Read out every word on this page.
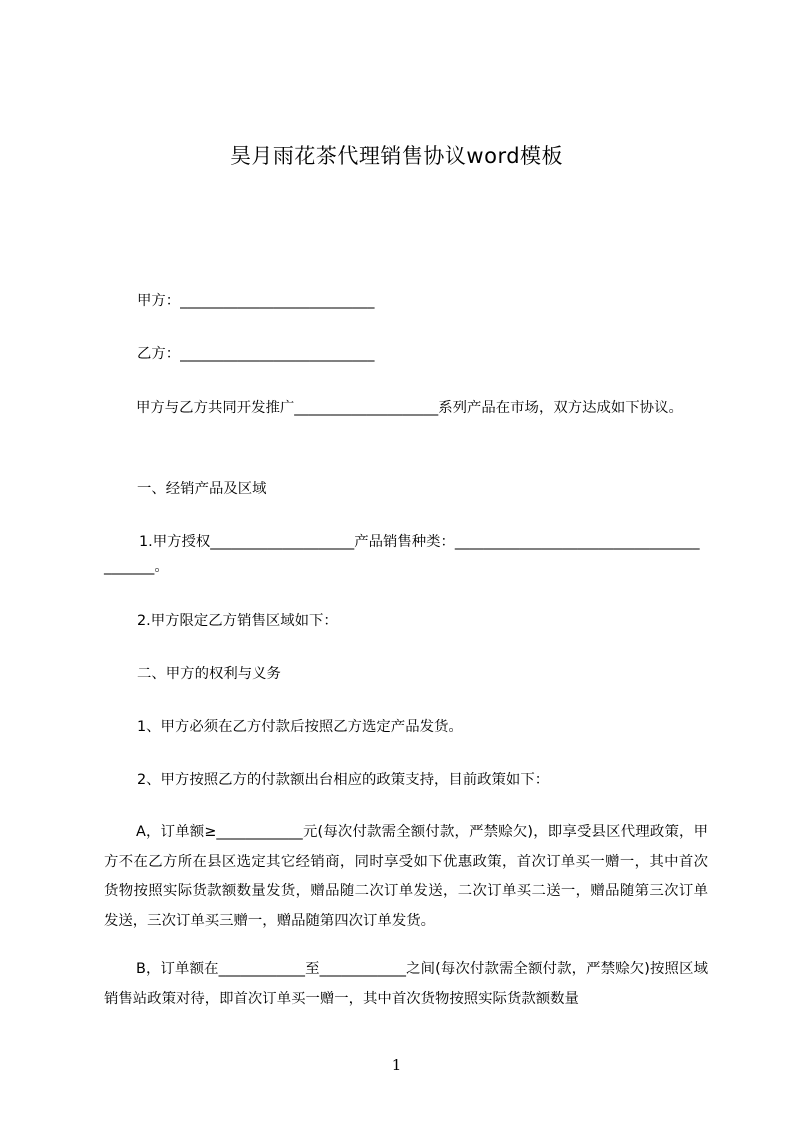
昊月雨花茶代理销售协议word模板
甲方：___________________________
乙方：___________________________
甲方与乙方共同开发推广____________________系列产品在市场，双方达成如下协议。
一、经销产品及区域
1.甲方授权____________________产品销售种类：__________________________________
_______。
2.甲方限定乙方销售区域如下：
二、甲方的权利与义务
1、甲方必须在乙方付款后按照乙方选定产品发货。
2、甲方按照乙方的付款额出台相应的政策支持，目前政策如下：
A，订单额≥____________元(每次付款需全额付款，严禁赊欠)，即享受县区代理政策，甲方不在乙方所在县区选定其它经销商，同时享受如下优惠政策，首次订单买一赠一，其中首次货物按照实际货款额数量发货，赠品随二次订单发送，二次订单买二送一，赠品随第三次订单发送，三次订单买三赠一，赠品随第四次订单发货。
B，订单额在____________至____________之间(每次付款需全额付款，严禁赊欠)按照区域销售站政策对待，即首次订单买一赠一，其中首次货物按照实际货款额数量
1
